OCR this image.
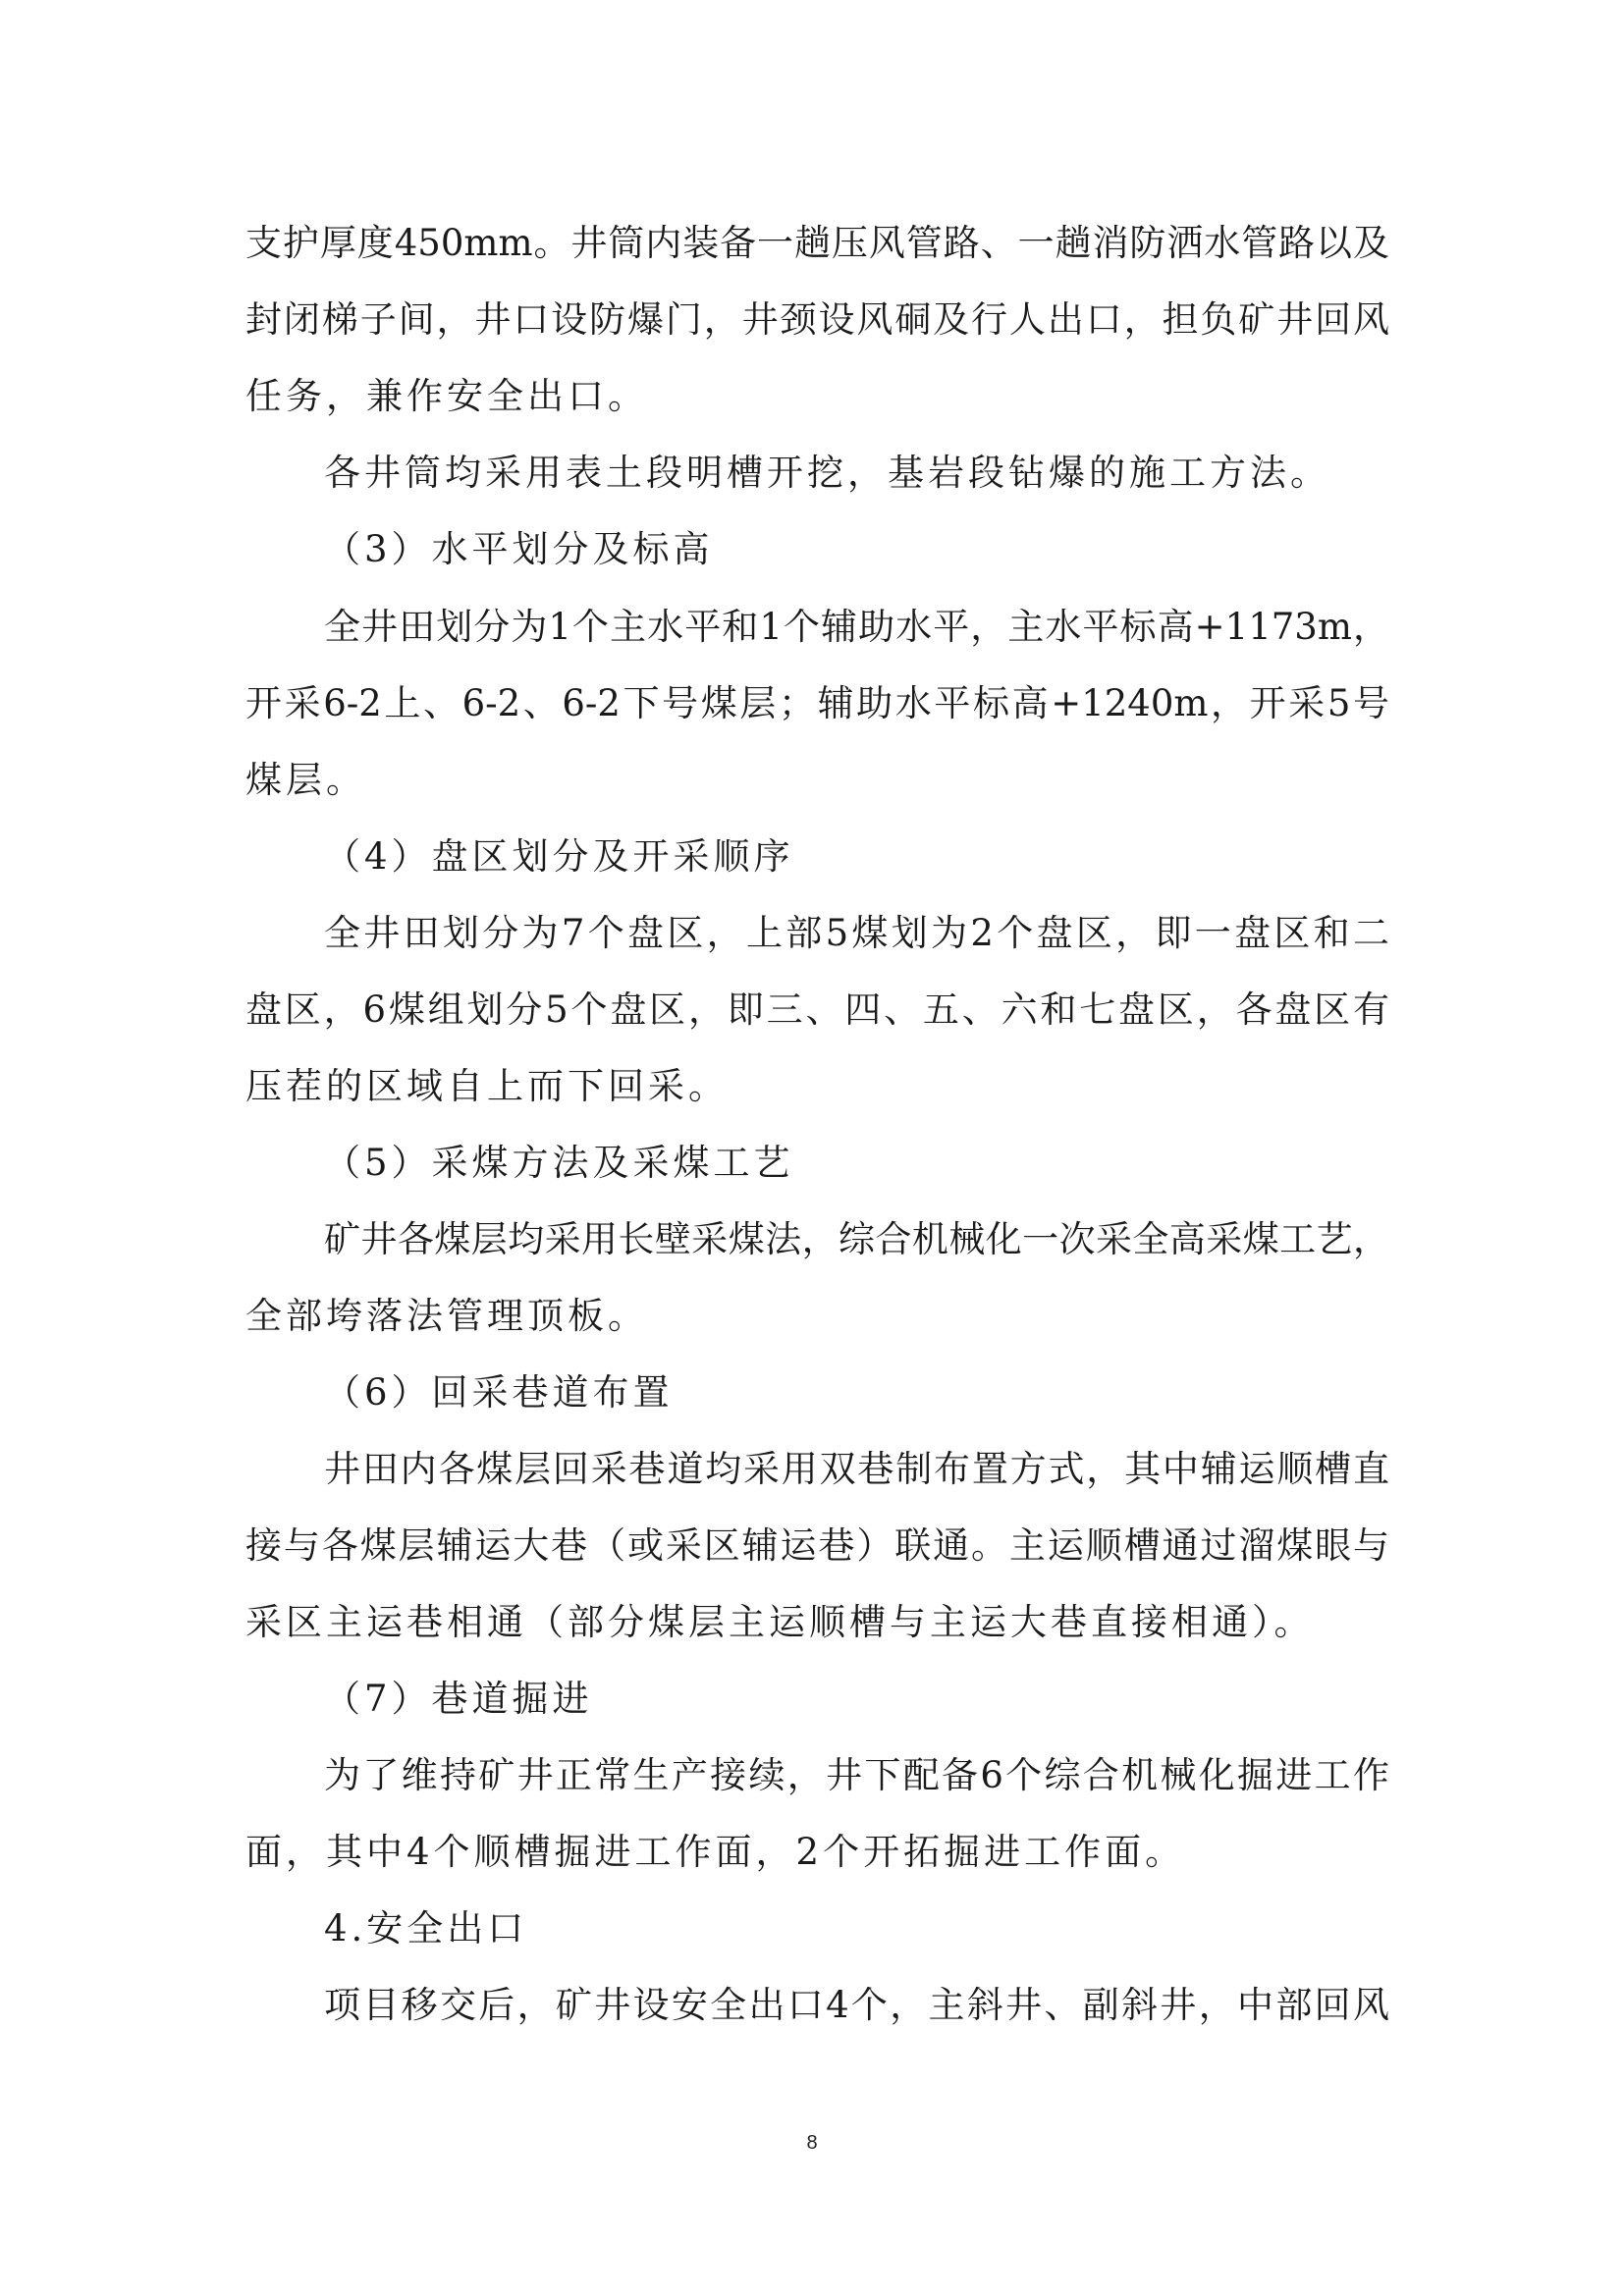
支护厚度450mm。井筒内装备一趟压风管路、一趟消防洒水管路以及
封闭梯子间，井口设防爆门，井颈设风硐及行人出口，担负矿井回风
任务，兼作安全出口。
各井筒均采用表土段明槽开挖，基岩段钻爆的施工方法。
（3）水平划分及标高
全井田划分为1个主水平和1个辅助水平，主水平标高+1173m，
开采6-2上、6-2、6-2下号煤层；辅助水平标高+1240m，开采5号
煤层。
（4）盘区划分及开采顺序
全井田划分为7个盘区，上部5煤划为2个盘区，即一盘区和二
盘区，6煤组划分5个盘区，即三、四、五、六和七盘区，各盘区有
压茬的区域自上而下回采。
（5）采煤方法及采煤工艺
矿井各煤层均采用长壁采煤法，综合机械化一次采全高采煤工艺，
全部垮落法管理顶板。
（6）回采巷道布置
井田内各煤层回采巷道均采用双巷制布置方式，其中辅运顺槽直
接与各煤层辅运大巷（或采区辅运巷）联通。主运顺槽通过溜煤眼与
采区主运巷相通（部分煤层主运顺槽与主运大巷直接相通）。
（7）巷道掘进
为了维持矿井正常生产接续，井下配备6个综合机械化掘进工作
面，其中4个顺槽掘进工作面，2个开拓掘进工作面。
4.安全出口
项目移交后，矿井设安全出口4个，主斜井、副斜井，中部回风
8
